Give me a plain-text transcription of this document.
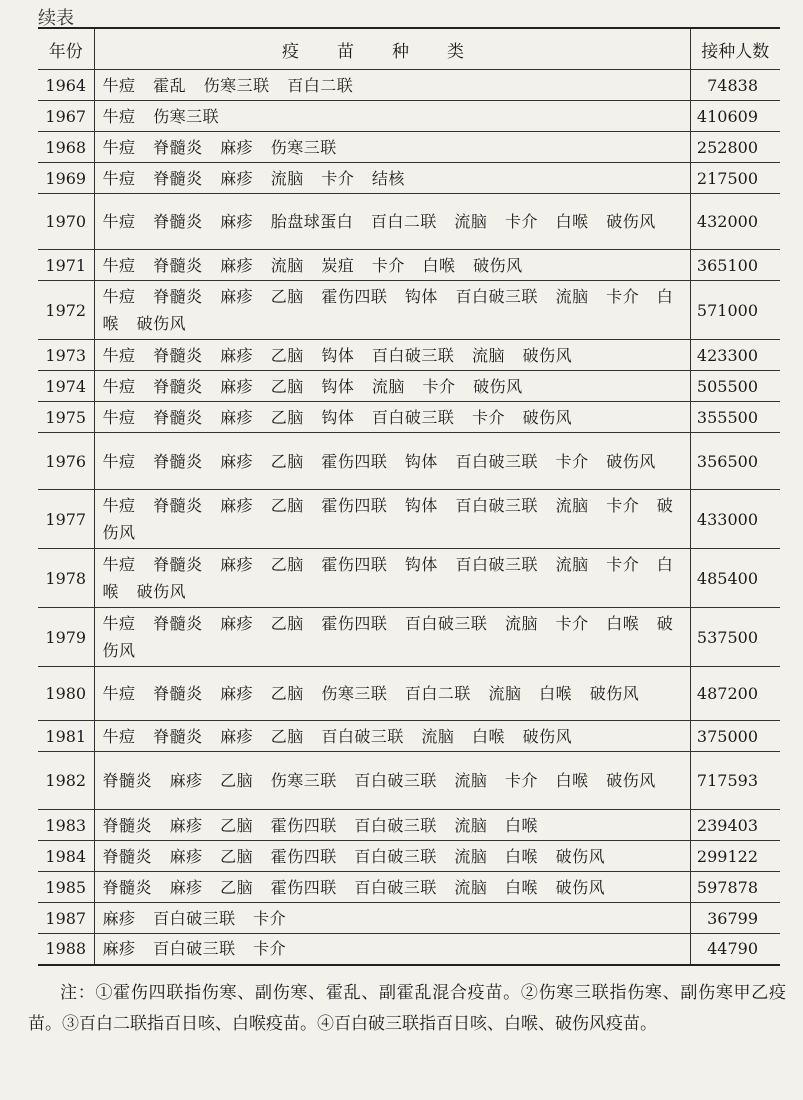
续表
年份	疫苗种类	接种人数
1964	牛痘 霍乱 伤寒三联 百白二联	74838
1967	牛痘 伤寒三联	410609
1968	牛痘 脊髓炎 麻疹 伤寒三联	252800
1969	牛痘 脊髓炎 麻疹 流脑 卡介 结核	217500
1970	牛痘 脊髓炎 麻疹 胎盘球蛋白 百白二联 流脑 卡介 白喉 破伤风	432000
1971	牛痘 脊髓炎 麻疹 流脑 炭疽 卡介 白喉 破伤风	365100
1972	牛痘 脊髓炎 麻疹 乙脑 霍伤四联 钩体 百白破三联 流脑 卡介 白喉 破伤风	571000
1973	牛痘 脊髓炎 麻疹 乙脑 钩体 百白破三联 流脑 破伤风	423300
1974	牛痘 脊髓炎 麻疹 乙脑 钩体 流脑 卡介 破伤风	505500
1975	牛痘 脊髓炎 麻疹 乙脑 钩体 百白破三联 卡介 破伤风	355500
1976	牛痘 脊髓炎 麻疹 乙脑 霍伤四联 钩体 百白破三联 卡介 破伤风	356500
1977	牛痘 脊髓炎 麻疹 乙脑 霍伤四联 钩体 百白破三联 流脑 卡介 破伤风	433000
1978	牛痘 脊髓炎 麻疹 乙脑 霍伤四联 钩体 百白破三联 流脑 卡介 白喉 破伤风	485400
1979	牛痘 脊髓炎 麻疹 乙脑 霍伤四联 百白破三联 流脑 卡介 白喉 破伤风	537500
1980	牛痘 脊髓炎 麻疹 乙脑 伤寒三联 百白二联 流脑 白喉 破伤风	487200
1981	牛痘 脊髓炎 麻疹 乙脑 百白破三联 流脑 白喉 破伤风	375000
1982	脊髓炎 麻疹 乙脑 伤寒三联 百白破三联 流脑 卡介 白喉 破伤风	717593
1983	脊髓炎 麻疹 乙脑 霍伤四联 百白破三联 流脑 白喉	239403
1984	脊髓炎 麻疹 乙脑 霍伤四联 百白破三联 流脑 白喉 破伤风	299122
1985	脊髓炎 麻疹 乙脑 霍伤四联 百白破三联 流脑 白喉 破伤风	597878
1987	麻疹 百白破三联 卡介	36799
1988	麻疹 百白破三联 卡介	44790
注：①霍伤四联指伤寒、副伤寒、霍乱、副霍乱混合疫苗。②伤寒三联指伤寒、副伤寒甲乙疫苗。③百白二联指百日咳、白喉疫苗。④百白破三联指百日咳、白喉、破伤风疫苗。
